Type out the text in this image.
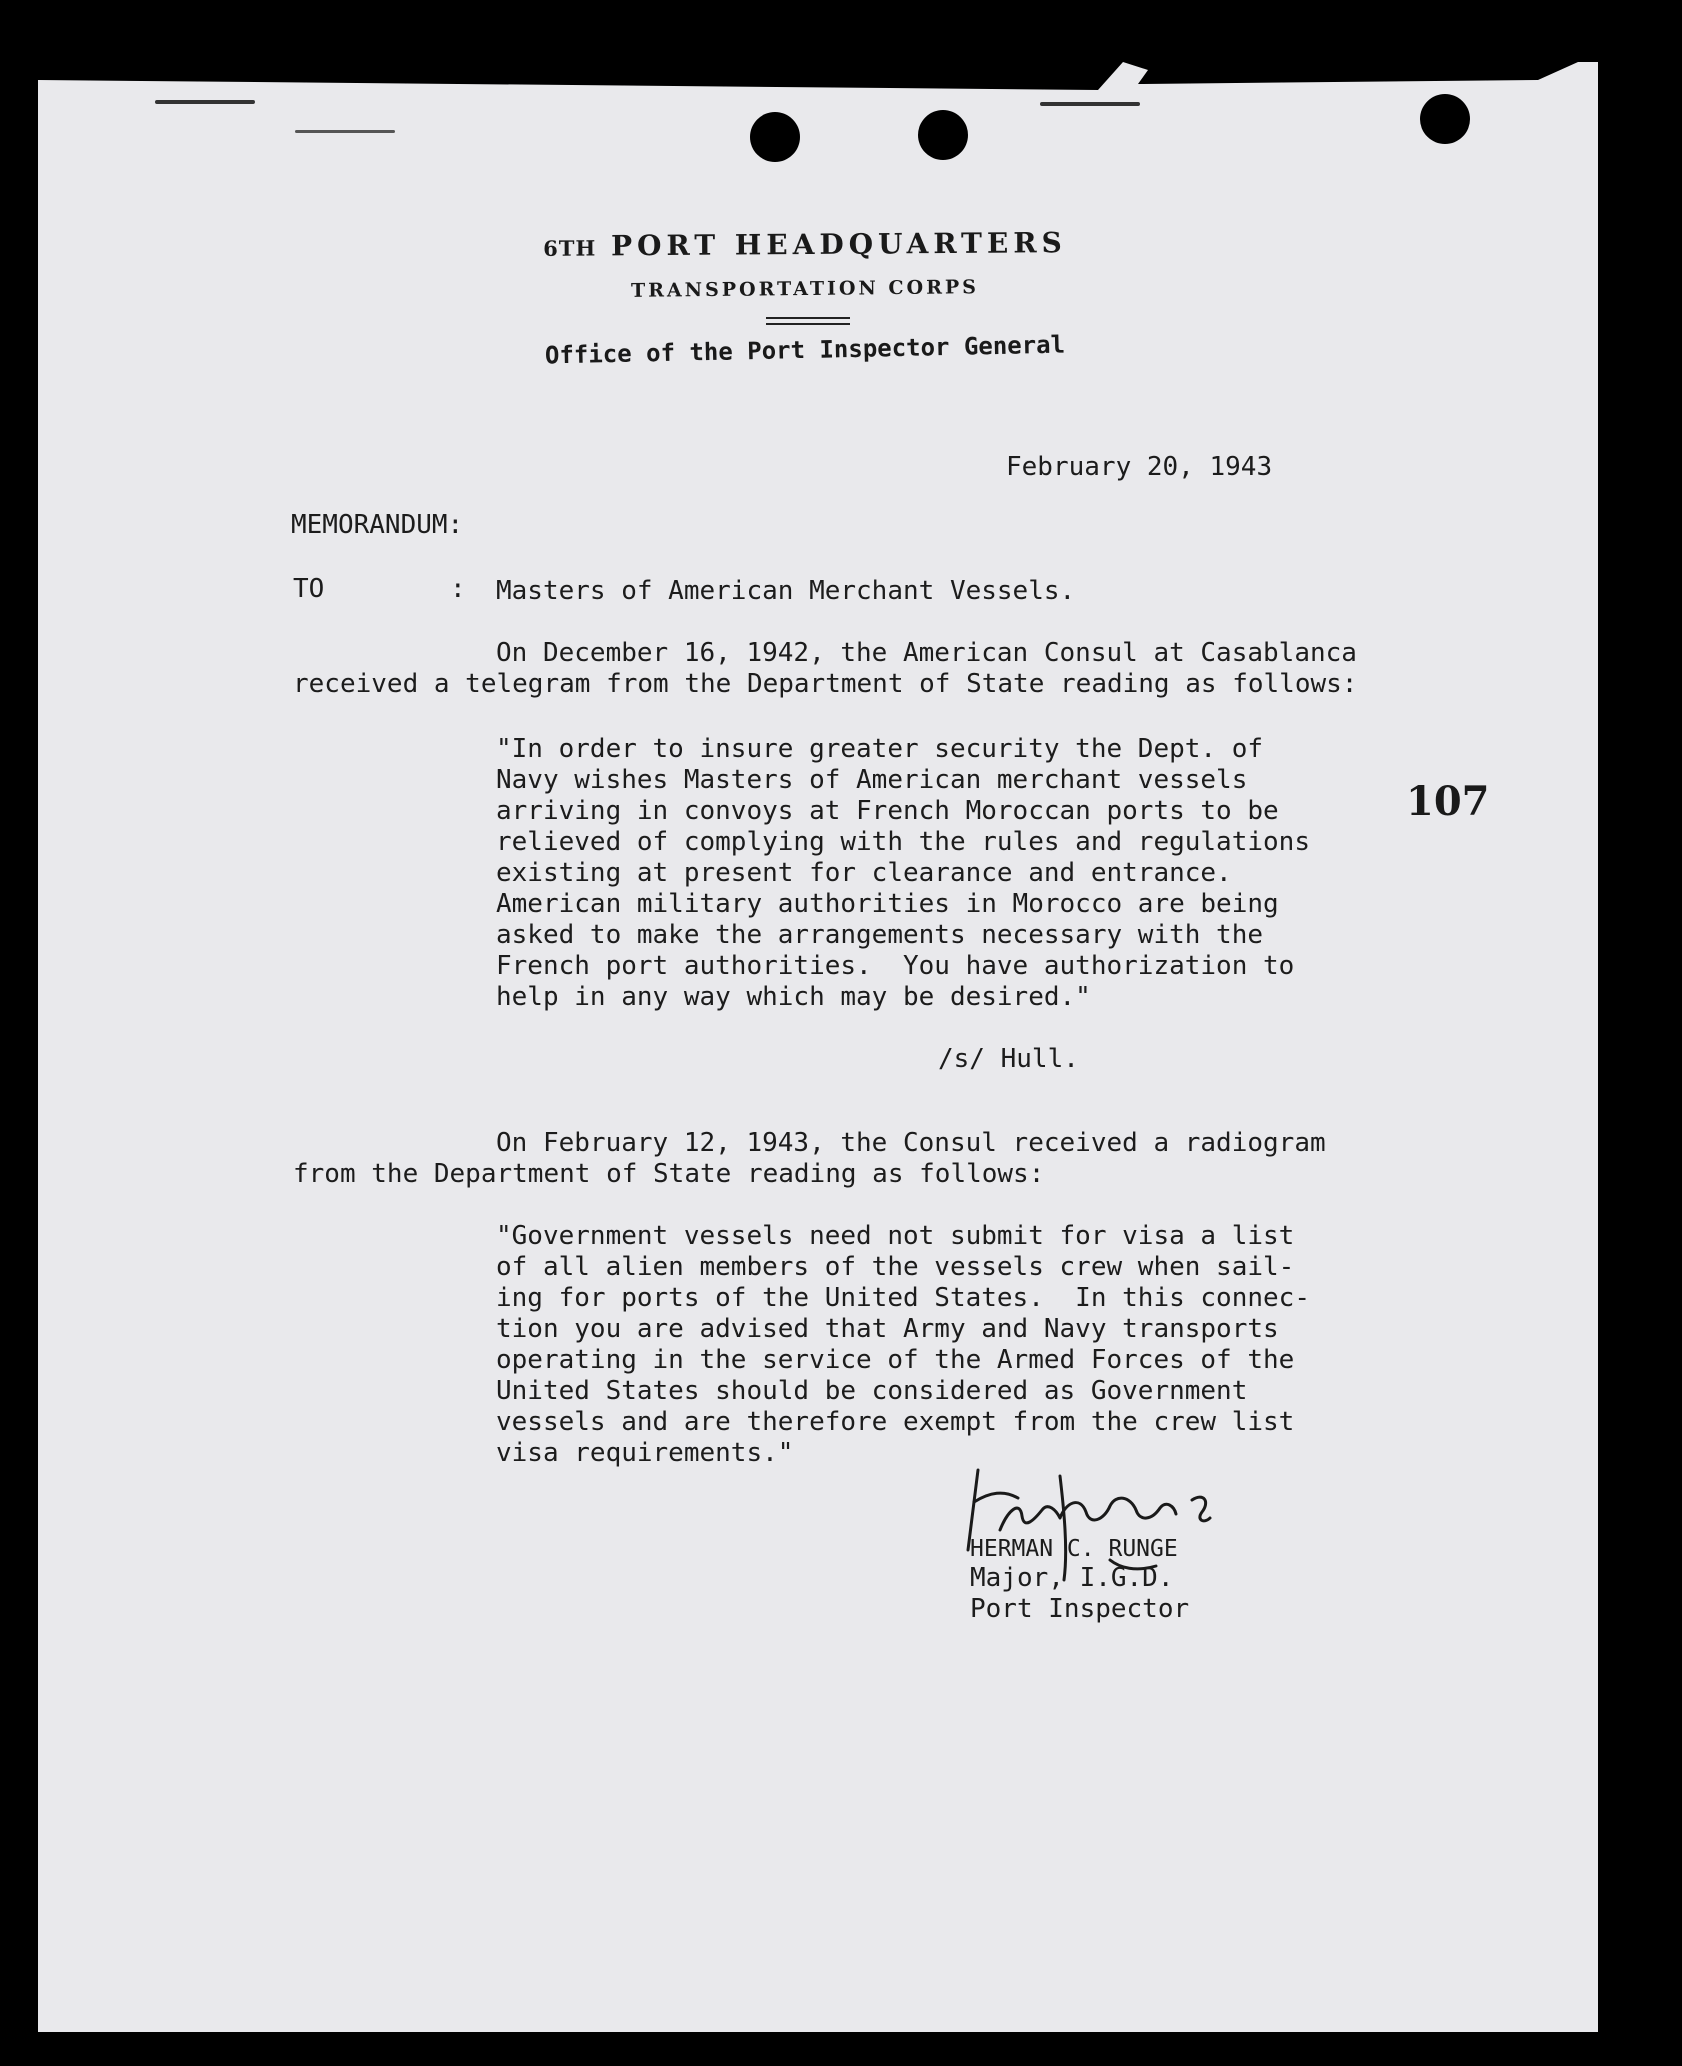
6TH PORT HEADQUARTERS
TRANSPORTATION CORPS
Office of the Port Inspector General
February 20, 1943
MEMORANDUM:
TO	: Masters of American Merchant Vessels.
On December 16, 1942, the American Consul at Casablanca
received a telegram from the Department of State reading as follows:
"In order to insure greater security the Dept. of
Navy wishes Masters of American merchant vessels
arriving in convoys at French Moroccan ports to be
relieved of complying with the rules and regulations
existing at present for clearance and entrance.
American military authorities in Morocco are being
asked to make the arrangements necessary with the
French port authorities.  You have authorization to
help in any way which may be desired."
/s/ Hull.
107
On February 12, 1943, the Consul received a radiogram
from the Department of State reading as follows:
"Government vessels need not submit for visa a list
of all alien members of the vessels crew when sail-
ing for ports of the United States.  In this connec-
tion you are advised that Army and Navy transports
operating in the service of the Armed Forces of the
United States should be considered as Government
vessels and are therefore exempt from the crew list
visa requirements."
HERMAN C. RUNGE
Major, I.G.D.
Port Inspector
